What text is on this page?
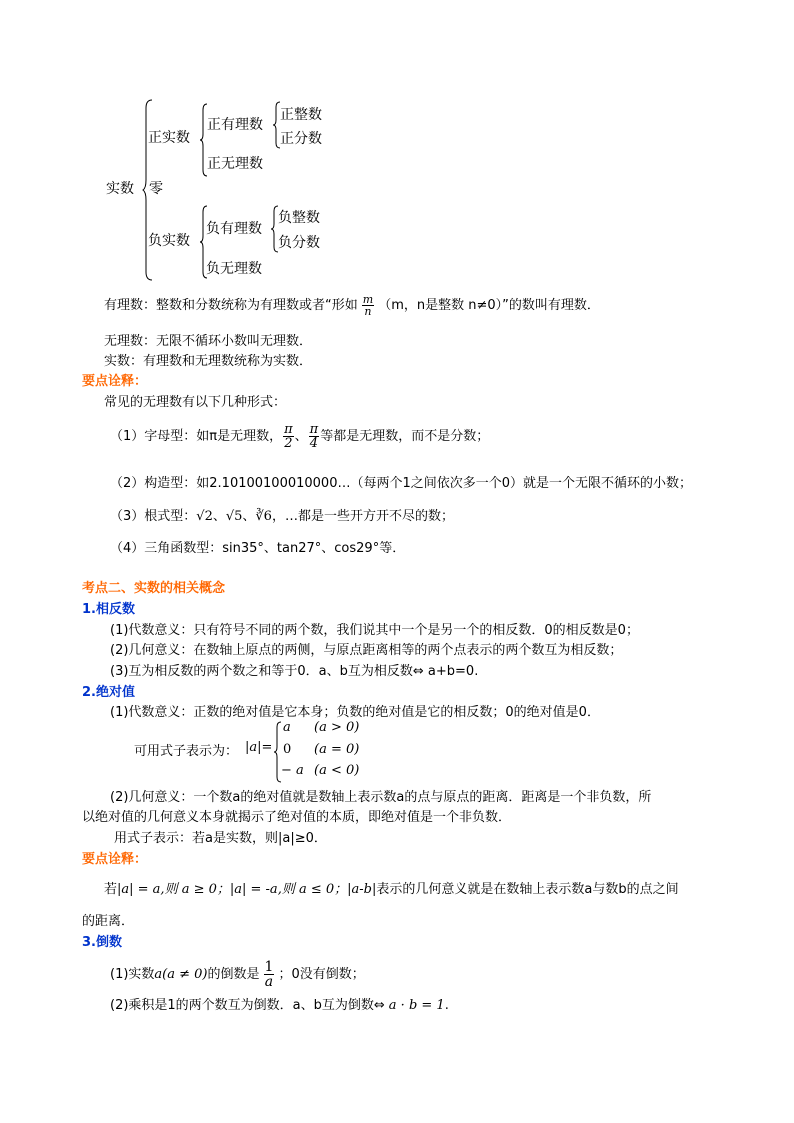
实数
正实数
零
负实数
正有理数
正无理数
正整数
正分数
负有理数
负无理数
负整数
负分数
有理数：整数和分数统称为有理数或者“形如 $\frac{m}{n} (m$，n是整数 n≠0）”的数叫有理数．
无理数：无限不循环小数叫无理数．
实数：有理数和无理数统称为实数．
要点诠释：
常见的无理数有以下几种形式：
（1）字母型：如π是无理数， $\frac{\pi}{2}$ 、 $\frac{\pi}{4}$ 等都是无理数，而不是分数；
（2）构造型：如2.10100100010000…（每两个1之间依次多一个0）就是一个无限不循环的小数；
（3）根式型：√2、√5、∛6，…都是一些开方开不尽的数；
（4）三角函数型：sin35°、tan27°、cos29°等．
考点二、实数的相关概念
1.相反数
(1)代数意义：只有符号不同的两个数，我们说其中一个是另一个的相反数．0的相反数是0；
(2)几何意义：在数轴上原点的两侧，与原点距离相等的两个点表示的两个数互为相反数；
(3)互为相反数的两个数之和等于0．a、b互为相反数⇔ a+b=0.
2.绝对值
(1)代数意义：正数的绝对值是它本身；负数的绝对值是它的相反数；0的绝对值是0．
可用式子表示为： |a|=
a (a > 0)
0 (a = 0)
− a (a < 0)
(2)几何意义：一个数a的绝对值就是数轴上表示数a的点与原点的距离．距离是一个非负数，所
以绝对值的几何意义本身就揭示了绝对值的本质，即绝对值是一个非负数．
用式子表示：若a是实数，则|a|≥0．
要点诠释：
若|a| = a,则 a ≥ 0；|a| = -a,则 a ≤ 0；|a-b|表示的几何意义就是在数轴上表示数a与数b的点之间
的距离．
3.倒数
(1)实数a(a ≠ 0)的倒数是 $\frac{1}{a}$ ；0没有倒数；
(2)乘积是1的两个数互为倒数．a、b互为倒数⇔ a · b = 1.
